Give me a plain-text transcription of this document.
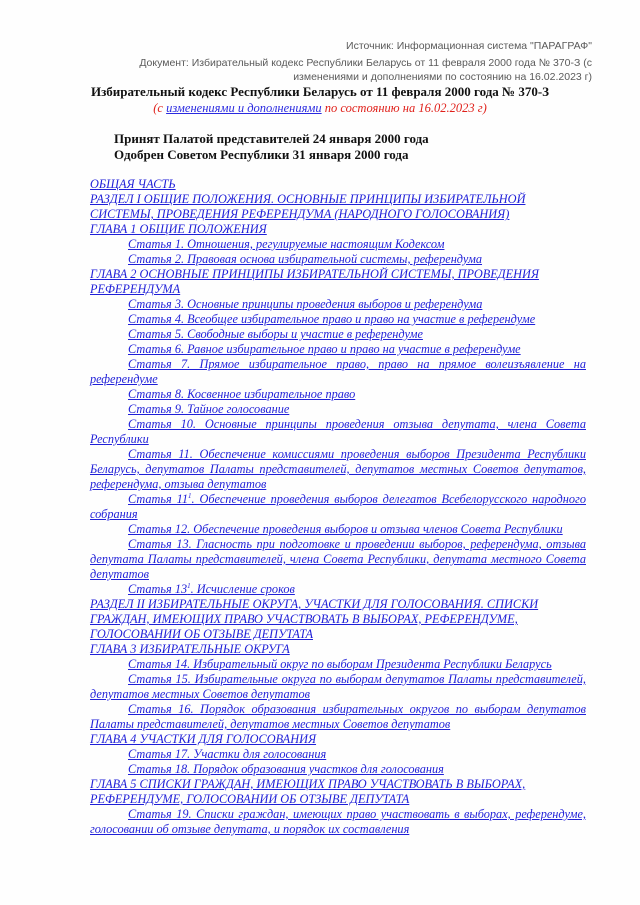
Источник: Информационная система "ПАРАГРАФ"
Документ: Избирательный кодекс Республики Беларусь от 11 февраля 2000 года № 370-З (с изменениями и дополнениями по состоянию на 16.02.2023 г)
Избирательный кодекс Республики Беларусь от 11 февраля 2000 года № 370-З
(с изменениями и дополнениями по состоянию на 16.02.2023 г)
Принят Палатой представителей 24 января 2000 года
Одобрен Советом Республики 31 января 2000 года
ОБЩАЯ ЧАСТЬ
РАЗДЕЛ I ОБЩИЕ ПОЛОЖЕНИЯ. ОСНОВНЫЕ ПРИНЦИПЫ ИЗБИРАТЕЛЬНОЙ СИСТЕМЫ, ПРОВЕДЕНИЯ РЕФЕРЕНДУМА (НАРОДНОГО ГОЛОСОВАНИЯ)
ГЛАВА 1 ОБЩИЕ ПОЛОЖЕНИЯ
Статья 1. Отношения, регулируемые настоящим Кодексом
Статья 2. Правовая основа избирательной системы, референдума
ГЛАВА 2 ОСНОВНЫЕ ПРИНЦИПЫ ИЗБИРАТЕЛЬНОЙ СИСТЕМЫ, ПРОВЕДЕНИЯ РЕФЕРЕНДУМА
Статья 3. Основные принципы проведения выборов и референдума
Статья 4. Всеобщее избирательное право и право на участие в референдуме
Статья 5. Свободные выборы и участие в референдуме
Статья 6. Равное избирательное право и право на участие в референдуме
Статья 7. Прямое избирательное право, право на прямое волеизъявление на референдуме
Статья 8. Косвенное избирательное право
Статья 9. Тайное голосование
Статья 10. Основные принципы проведения отзыва депутата, члена Совета Республики
Статья 11. Обеспечение комиссиями проведения выборов Президента Республики Беларусь, депутатов Палаты представителей, депутатов местных Советов депутатов, референдума, отзыва депутатов
Статья 11$^1$. Обеспечение проведения выборов делегатов Всебелорусского народного собрания
Статья 12. Обеспечение проведения выборов и отзыва членов Совета Республики
Статья 13. Гласность при подготовке и проведении выборов, референдума, отзыва депутата Палаты представителей, члена Совета Республики, депутата местного Совета депутатов
Статья 13$^1$. Исчисление сроков
РАЗДЕЛ II ИЗБИРАТЕЛЬНЫЕ ОКРУГА, УЧАСТКИ ДЛЯ ГОЛОСОВАНИЯ. СПИСКИ ГРАЖДАН, ИМЕЮЩИХ ПРАВО УЧАСТВОВАТЬ В ВЫБОРАХ, РЕФЕРЕНДУМЕ, ГОЛОСОВАНИИ ОБ ОТЗЫВЕ ДЕПУТАТА
ГЛАВА 3 ИЗБИРАТЕЛЬНЫЕ ОКРУГА
Статья 14. Избирательный округ по выборам Президента Республики Беларусь
Статья 15. Избирательные округа по выборам депутатов Палаты представителей, депутатов местных Советов депутатов
Статья 16. Порядок образования избирательных округов по выборам депутатов Палаты представителей, депутатов местных Советов депутатов
ГЛАВА 4 УЧАСТКИ ДЛЯ ГОЛОСОВАНИЯ
Статья 17. Участки для голосования
Статья 18. Порядок образования участков для голосования
ГЛАВА 5 СПИСКИ ГРАЖДАН, ИМЕЮЩИХ ПРАВО УЧАСТВОВАТЬ В ВЫБОРАХ, РЕФЕРЕНДУМЕ, ГОЛОСОВАНИИ ОБ ОТЗЫВЕ ДЕПУТАТА
Статья 19. Списки граждан, имеющих право участвовать в выборах, референдуме, голосовании об отзыве депутата, и порядок их составления
